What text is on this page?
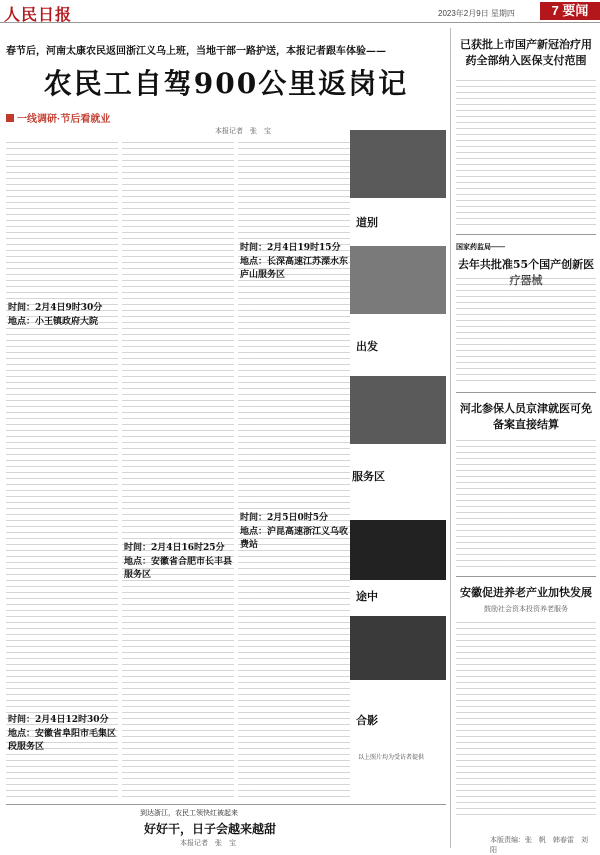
人民日报	2023年2月9日 星期四	7 要闻
春节后，河南太康农民返回浙江义乌上班，当地干部一路护送，本报记者跟车体验——
农民工自驾900公里返岗记
一线调研·节后看就业
本报记者　张　宝
时间：2月4日9时30分
地点：小王镇政府大院
时间：2月4日19时15分
地点：长深高速江苏溧水东庐山服务区
时间：2月4日12时30分
地点：安徽省阜阳市毛集区段服务区
时间：2月4日16时25分
地点：安徽省合肥市长丰县服务区
时间：2月5日0时5分
地点：沪昆高速浙江义乌收费站
道别
出发
服务区
途中
合影
以上照片均为受访者提供
已获批上市国产新冠治疗用药全部纳入医保支付范围
国家药监局——
去年共批准55个国产创新医疗器械
河北参保人员京津就医可免备案直接结算
安徽促进养老产业加快发展
鼓励社会资本投资养老服务
本版责编：张　帆　韩春雷　刘　阳
到达浙江，农民工领快红被起来
好好干，日子会越来越甜
本报记者　张　宝
